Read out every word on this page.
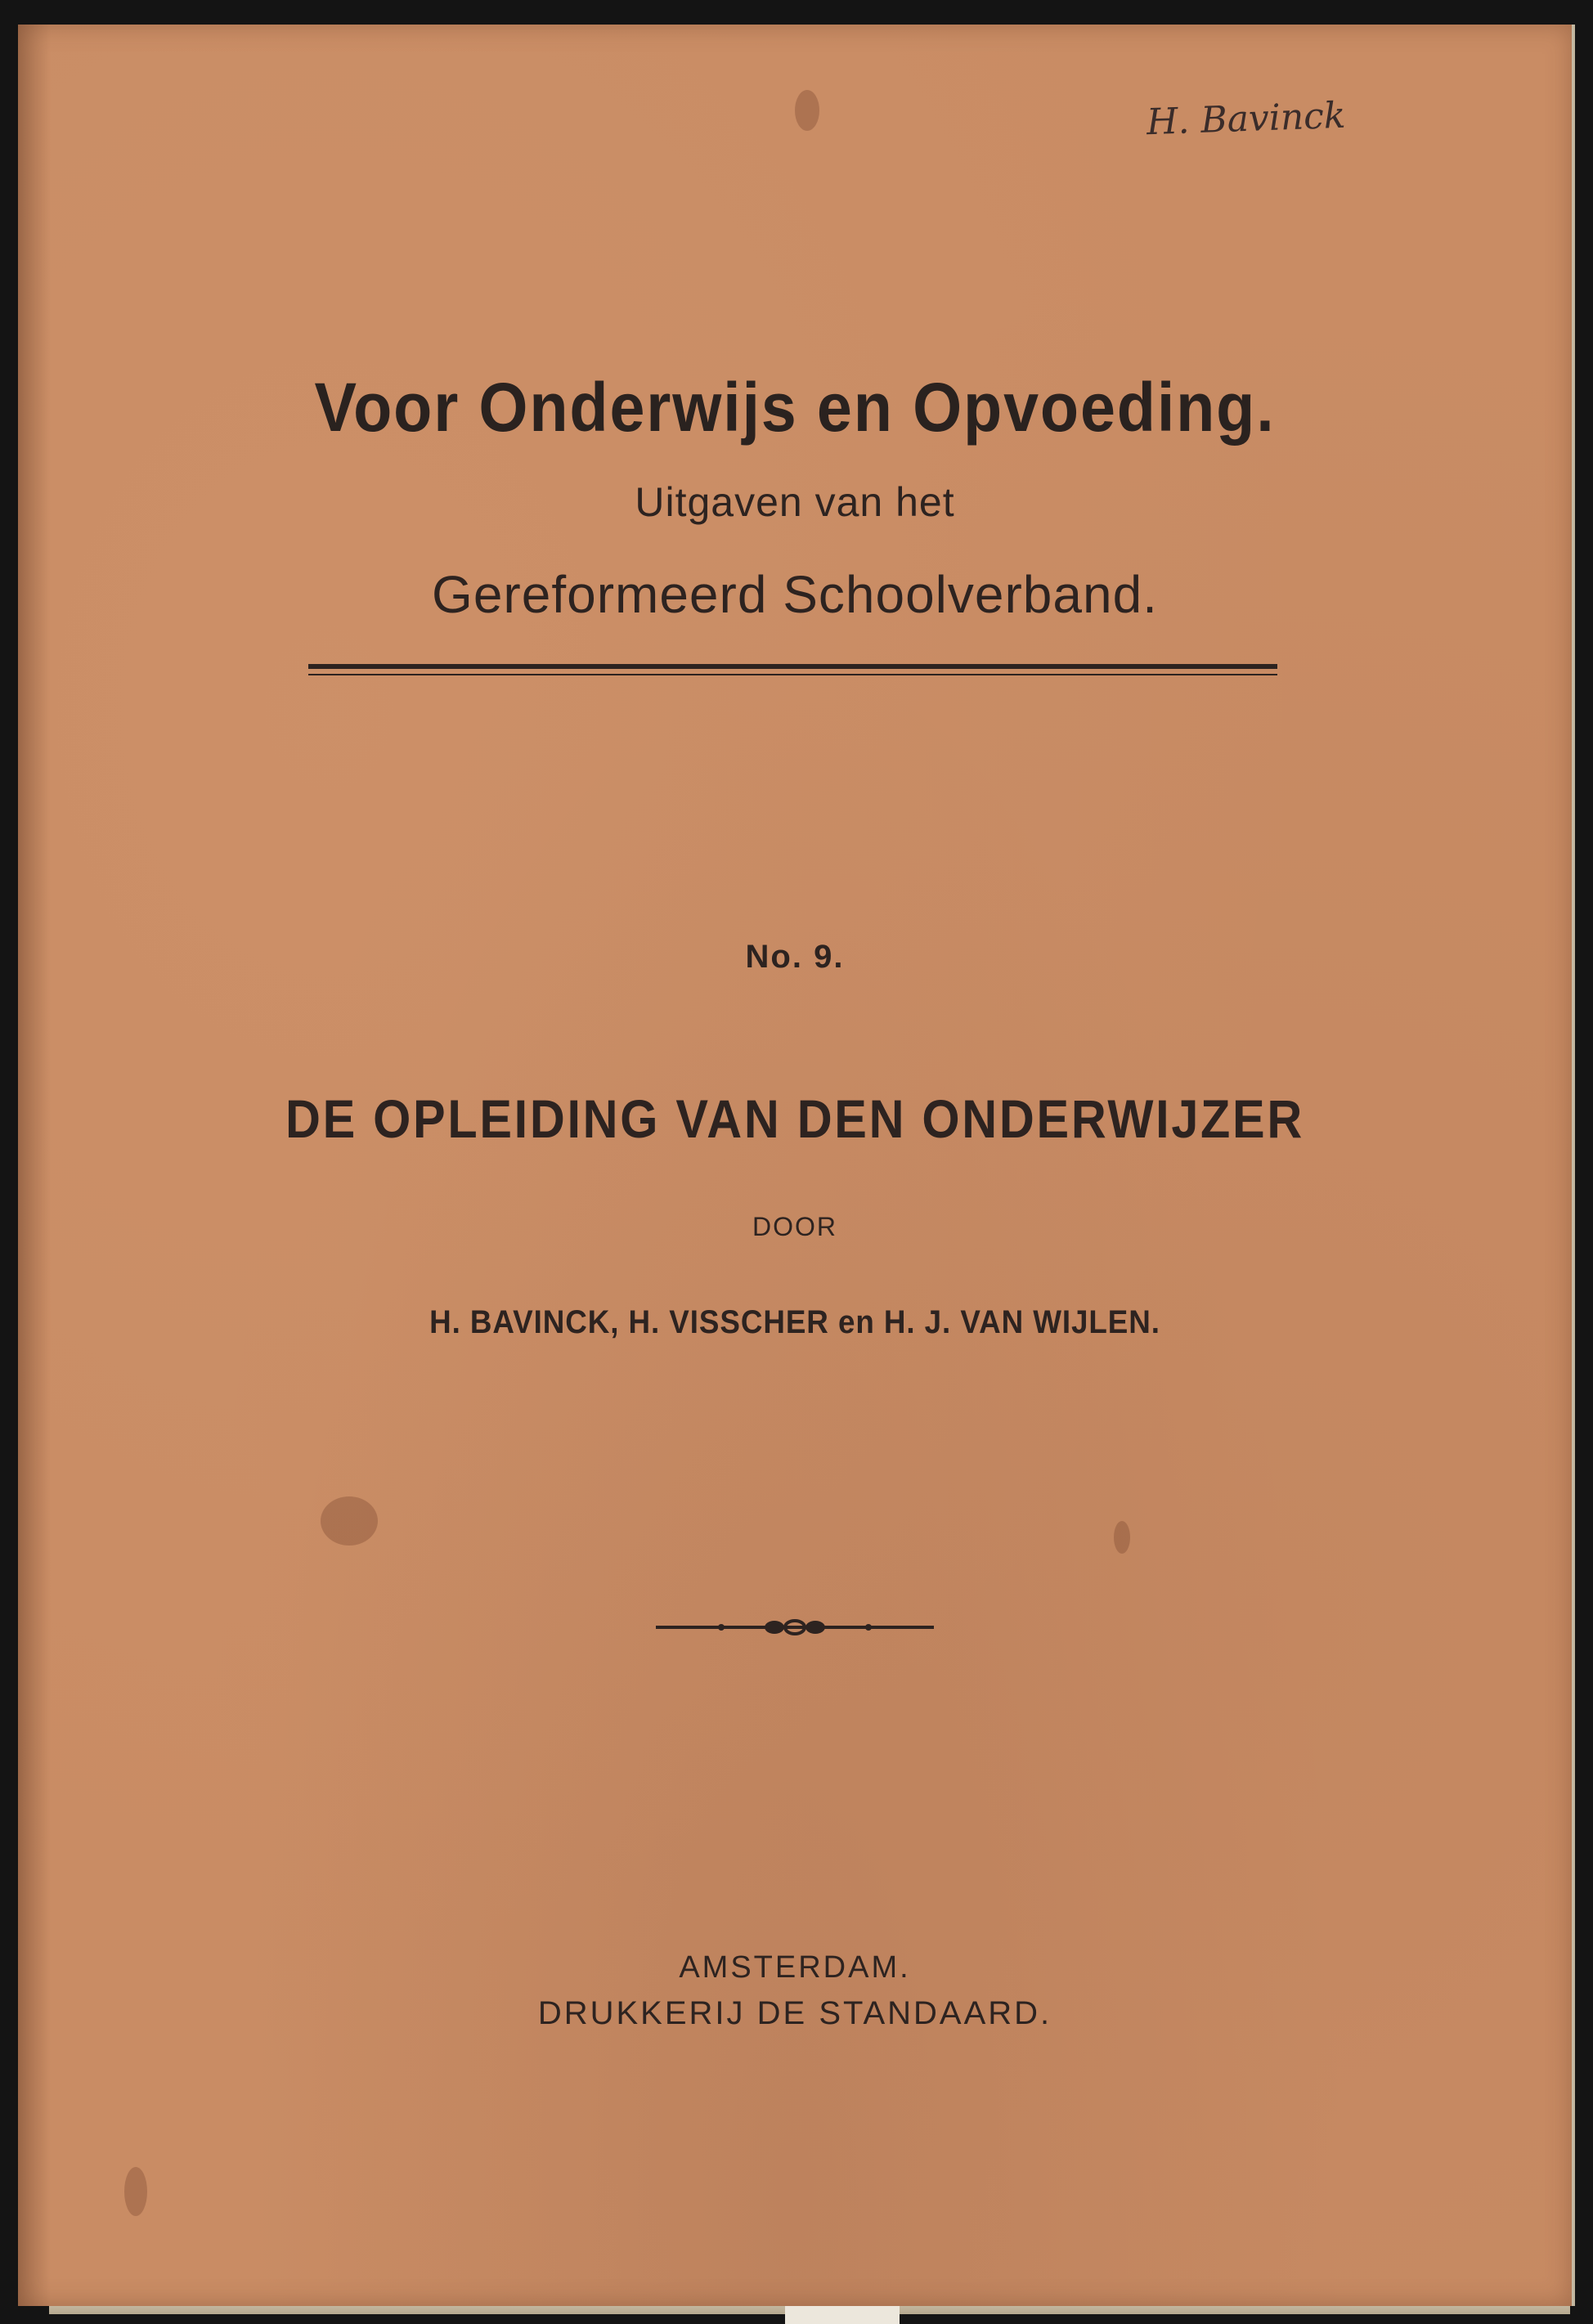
H. Bavinck
Voor Onderwijs en Opvoeding.

Uitgaven van het

Gereformeerd Schoolverband.

No. 9.

DE OPLEIDING VAN DEN ONDERWIJZER

DOOR

H. BAVINCK, H. VISSCHER en H. J. VAN WIJLEN.

AMSTERDAM.

DRUKKERIJ DE STANDAARD.
